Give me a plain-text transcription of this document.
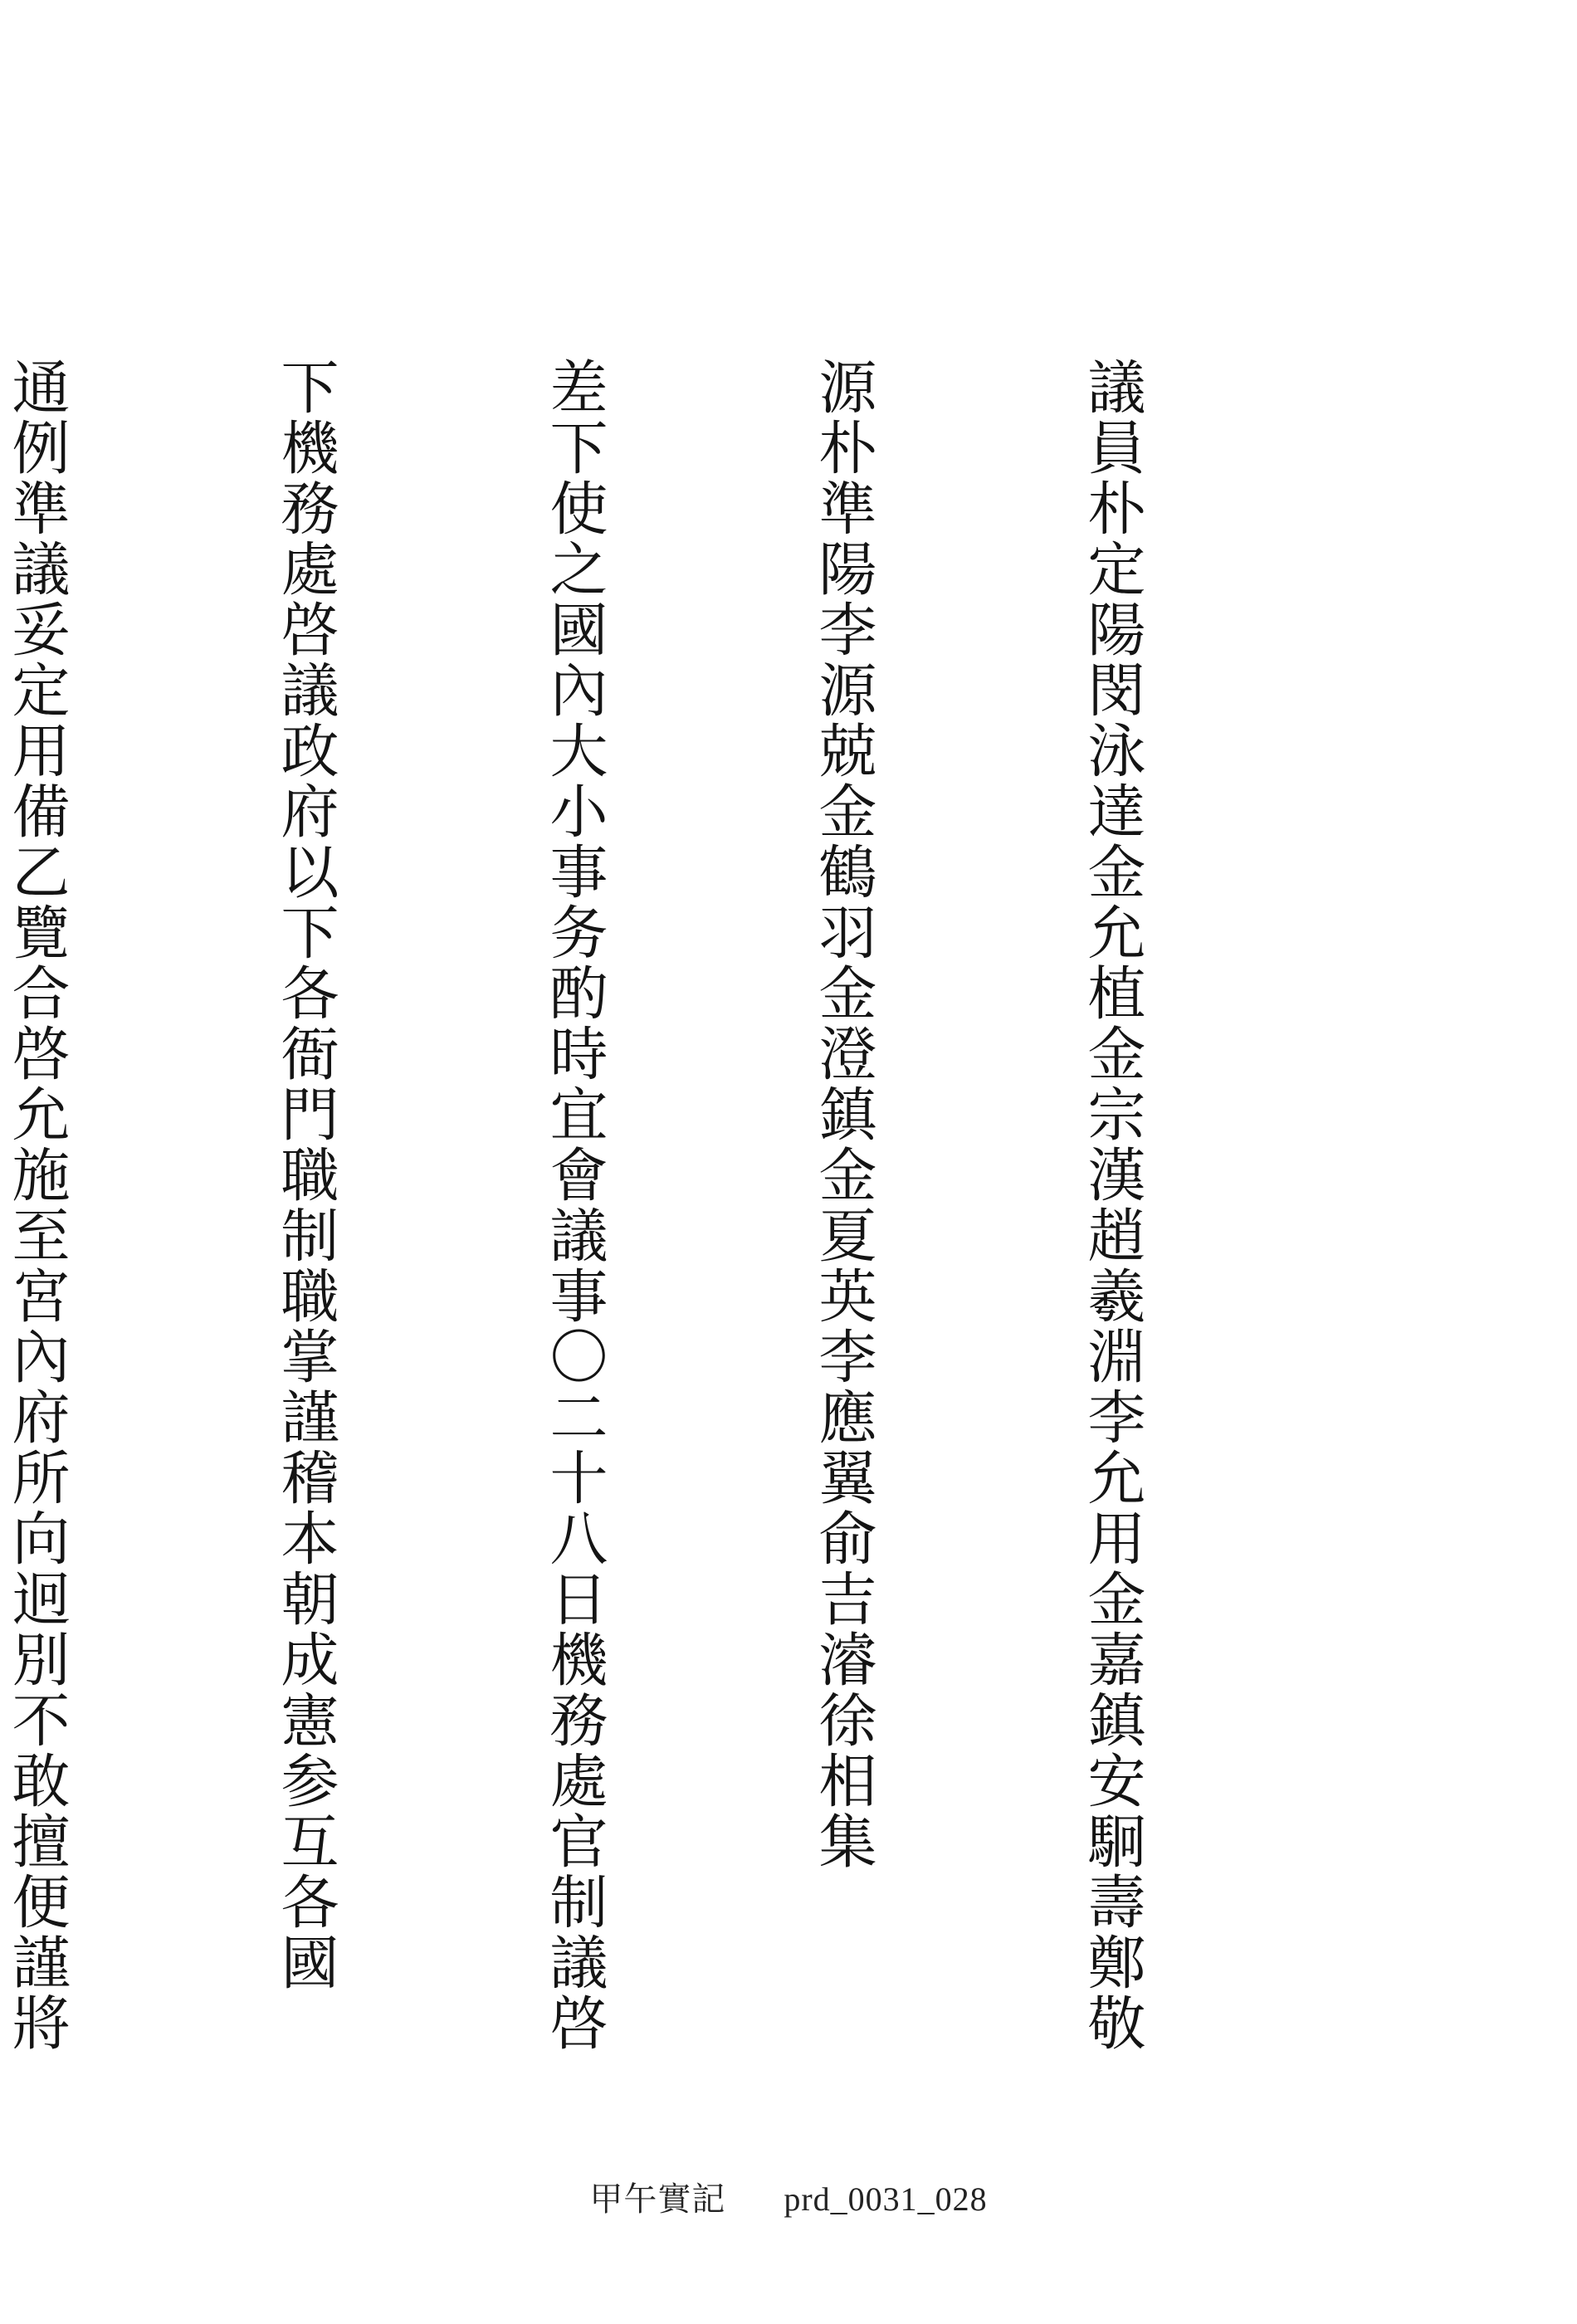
議員朴定陽閔泳達金允植金宗漢趙羲淵李允用金嘉鎮安駉壽鄭敬

源朴準陽李源兢金鶴羽金澄鎮金夏英李應翼俞吉濬徐相集

差下使之國內大小事务酌時宜會議事〇二十八日機務處官制議啓

下機務處啓議政府以下各衙門職制職掌謹稽本朝成憲参互各國

通例準議妥定用備乙覽合啓允施至宮內府所向迥別不敢擅便謹將

甲午實記 prd_0031_028
